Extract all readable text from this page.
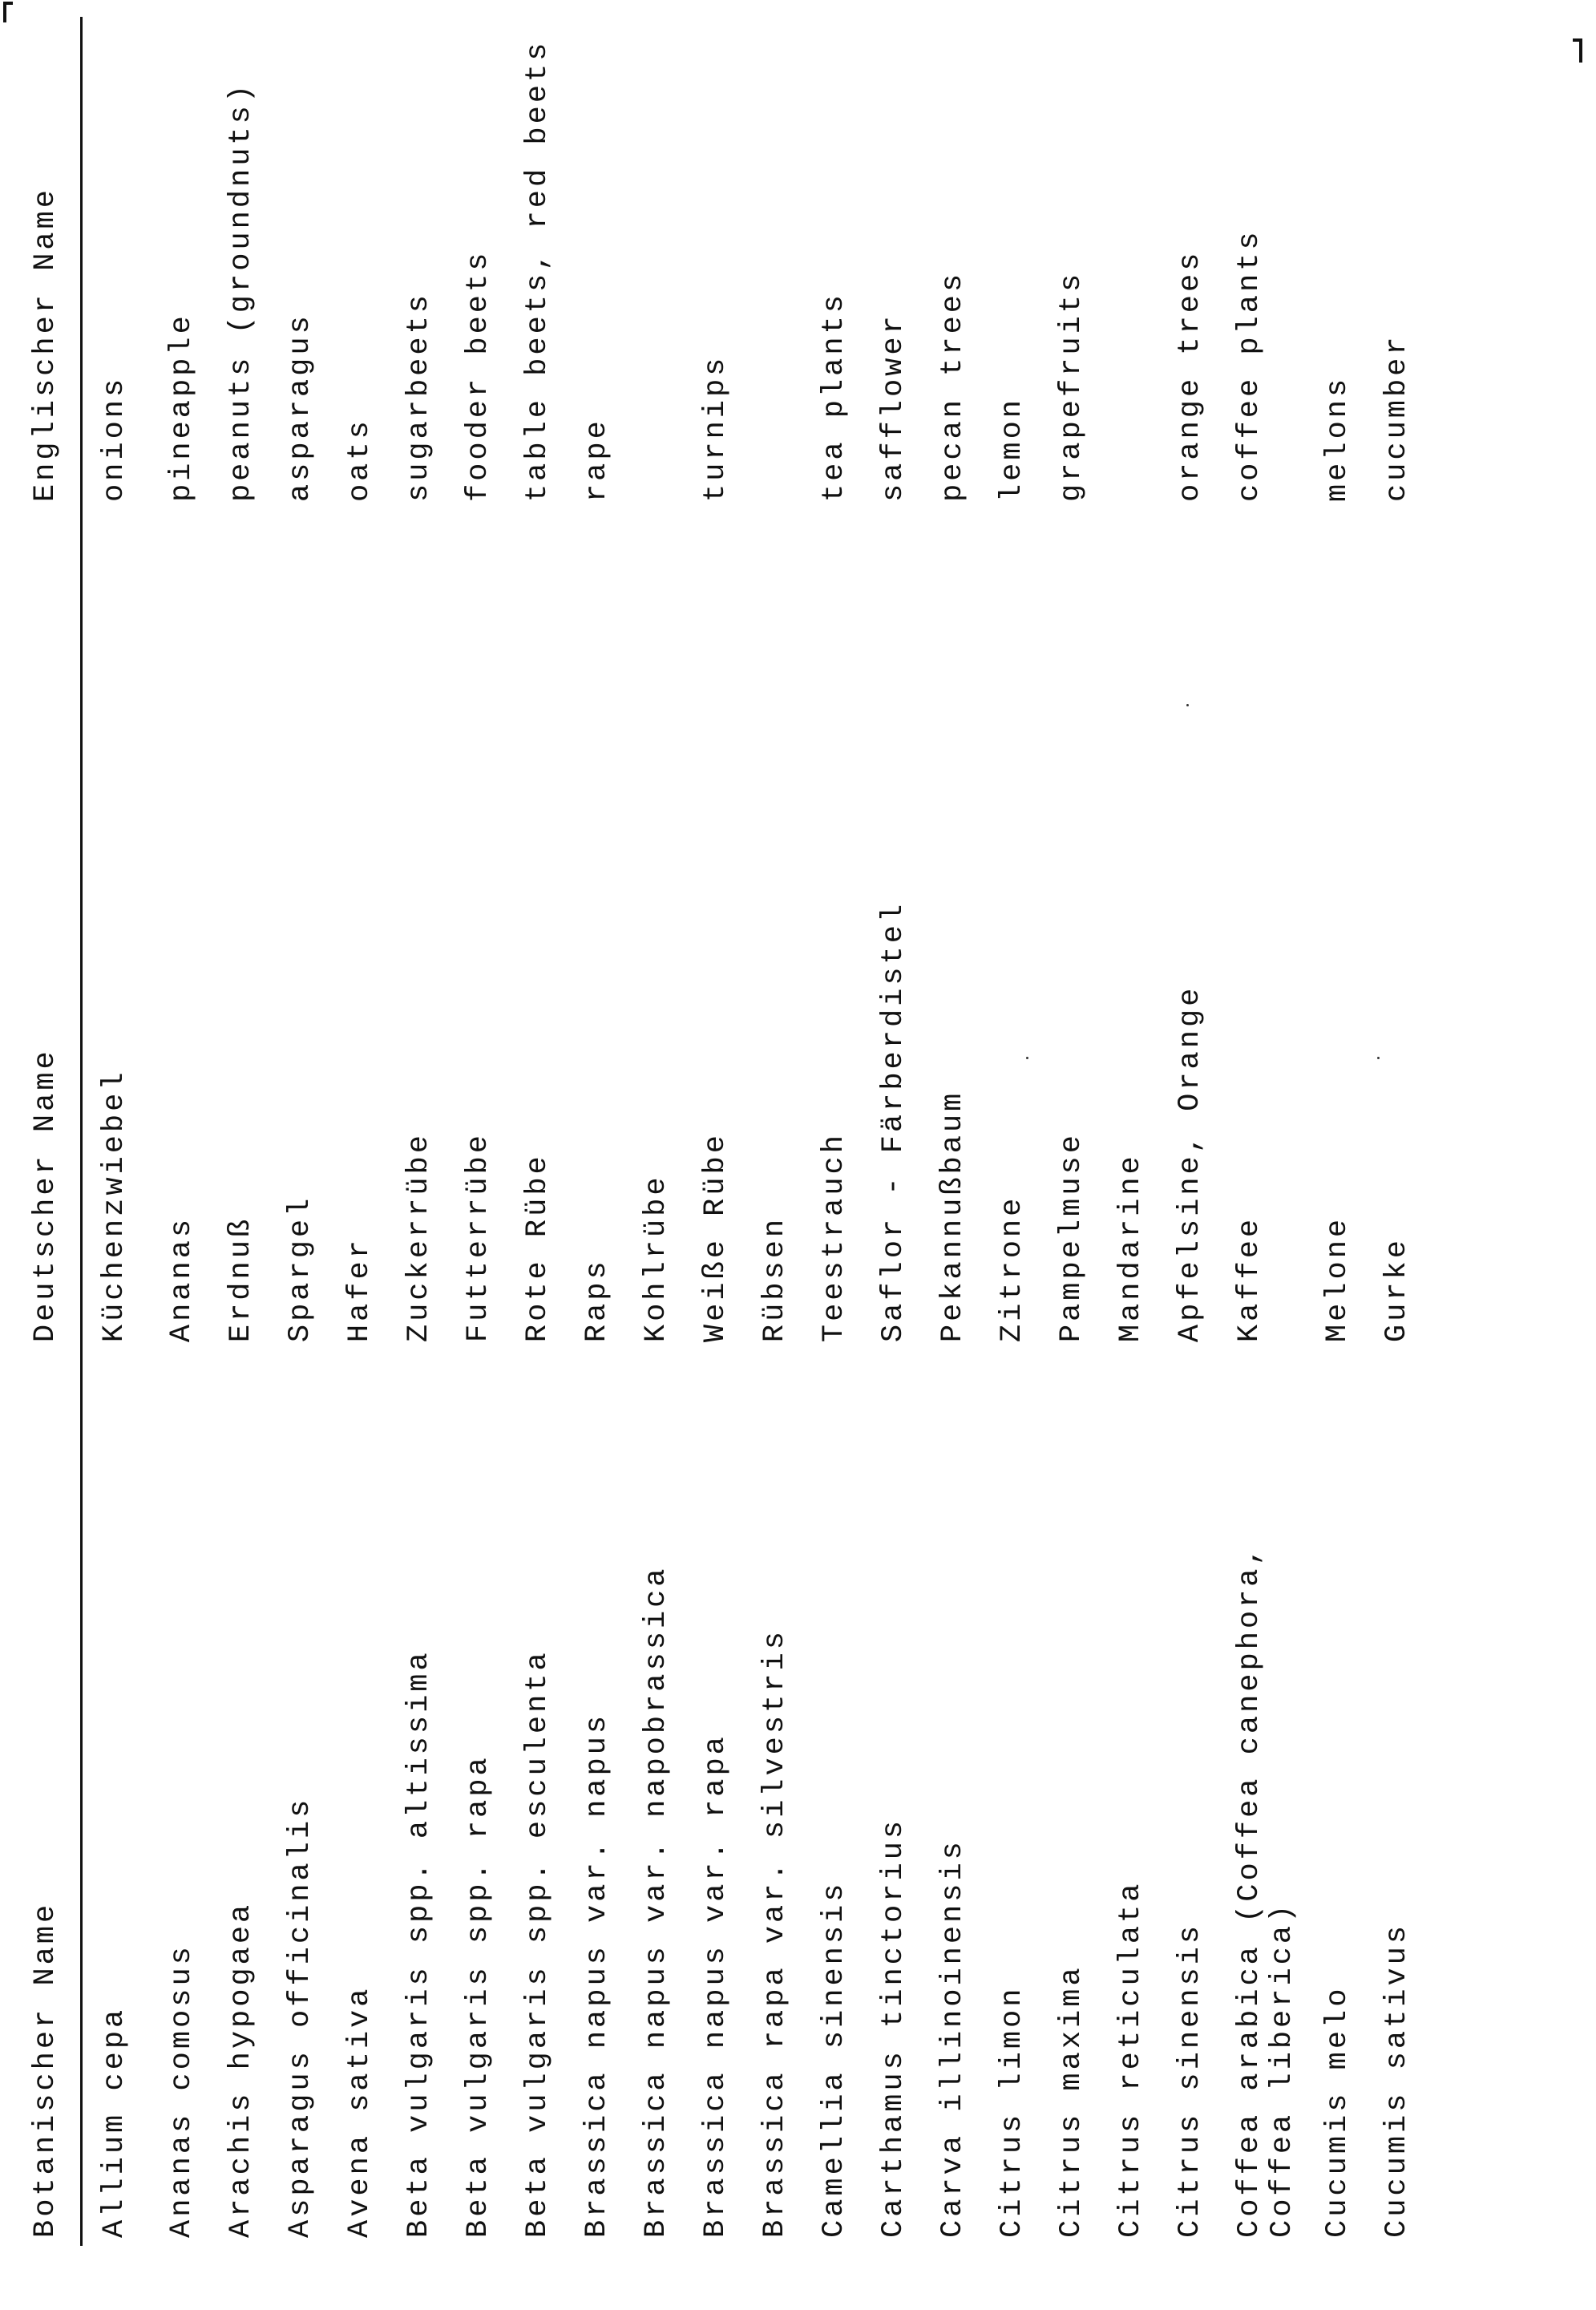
Botanischer Name	Deutscher Name	Englischer Name
Allium cepa	Küchenzwiebel	onions
Ananas comosus	Ananas	pineapple
Arachis hypogaea	Erdnuß	peanuts (groundnuts)
Asparagus officinalis	Spargel	asparagus
Avena sativa	Hafer	oats
Beta vulgaris spp. altissima	Zuckerrübe	sugarbeets
Beta vulgaris spp. rapa	Futterrübe	fooder beets
Beta vulgaris spp. esculenta	Rote Rübe	table beets, red beets
Brassica napus var. napus	Raps	rape
Brassica napus var. napobrassica	Kohlrübe	
Brassica napus var. rapa	Weiße Rübe	turnips
Brassica rapa var. silvestris	Rübsen	
Camellia sinensis	Teestrauch	tea plants
Carthamus tinctorius	Saflor - Färberdistel	safflower
Carva illinoinensis	Pekannußbaum	pecan trees
Citrus limon	Zitrone	lemon
Citrus maxima	Pampelmuse	grapefruits
Citrus reticulata	Mandarine	
Citrus sinensis	Apfelsine, Orange	orange trees
Coffea arabica (Coffea canephora, Coffea liberica)	Kaffee	coffee plants
Cucumis melo	Melone	melons
Cucumis sativus	Gurke	cucumber
